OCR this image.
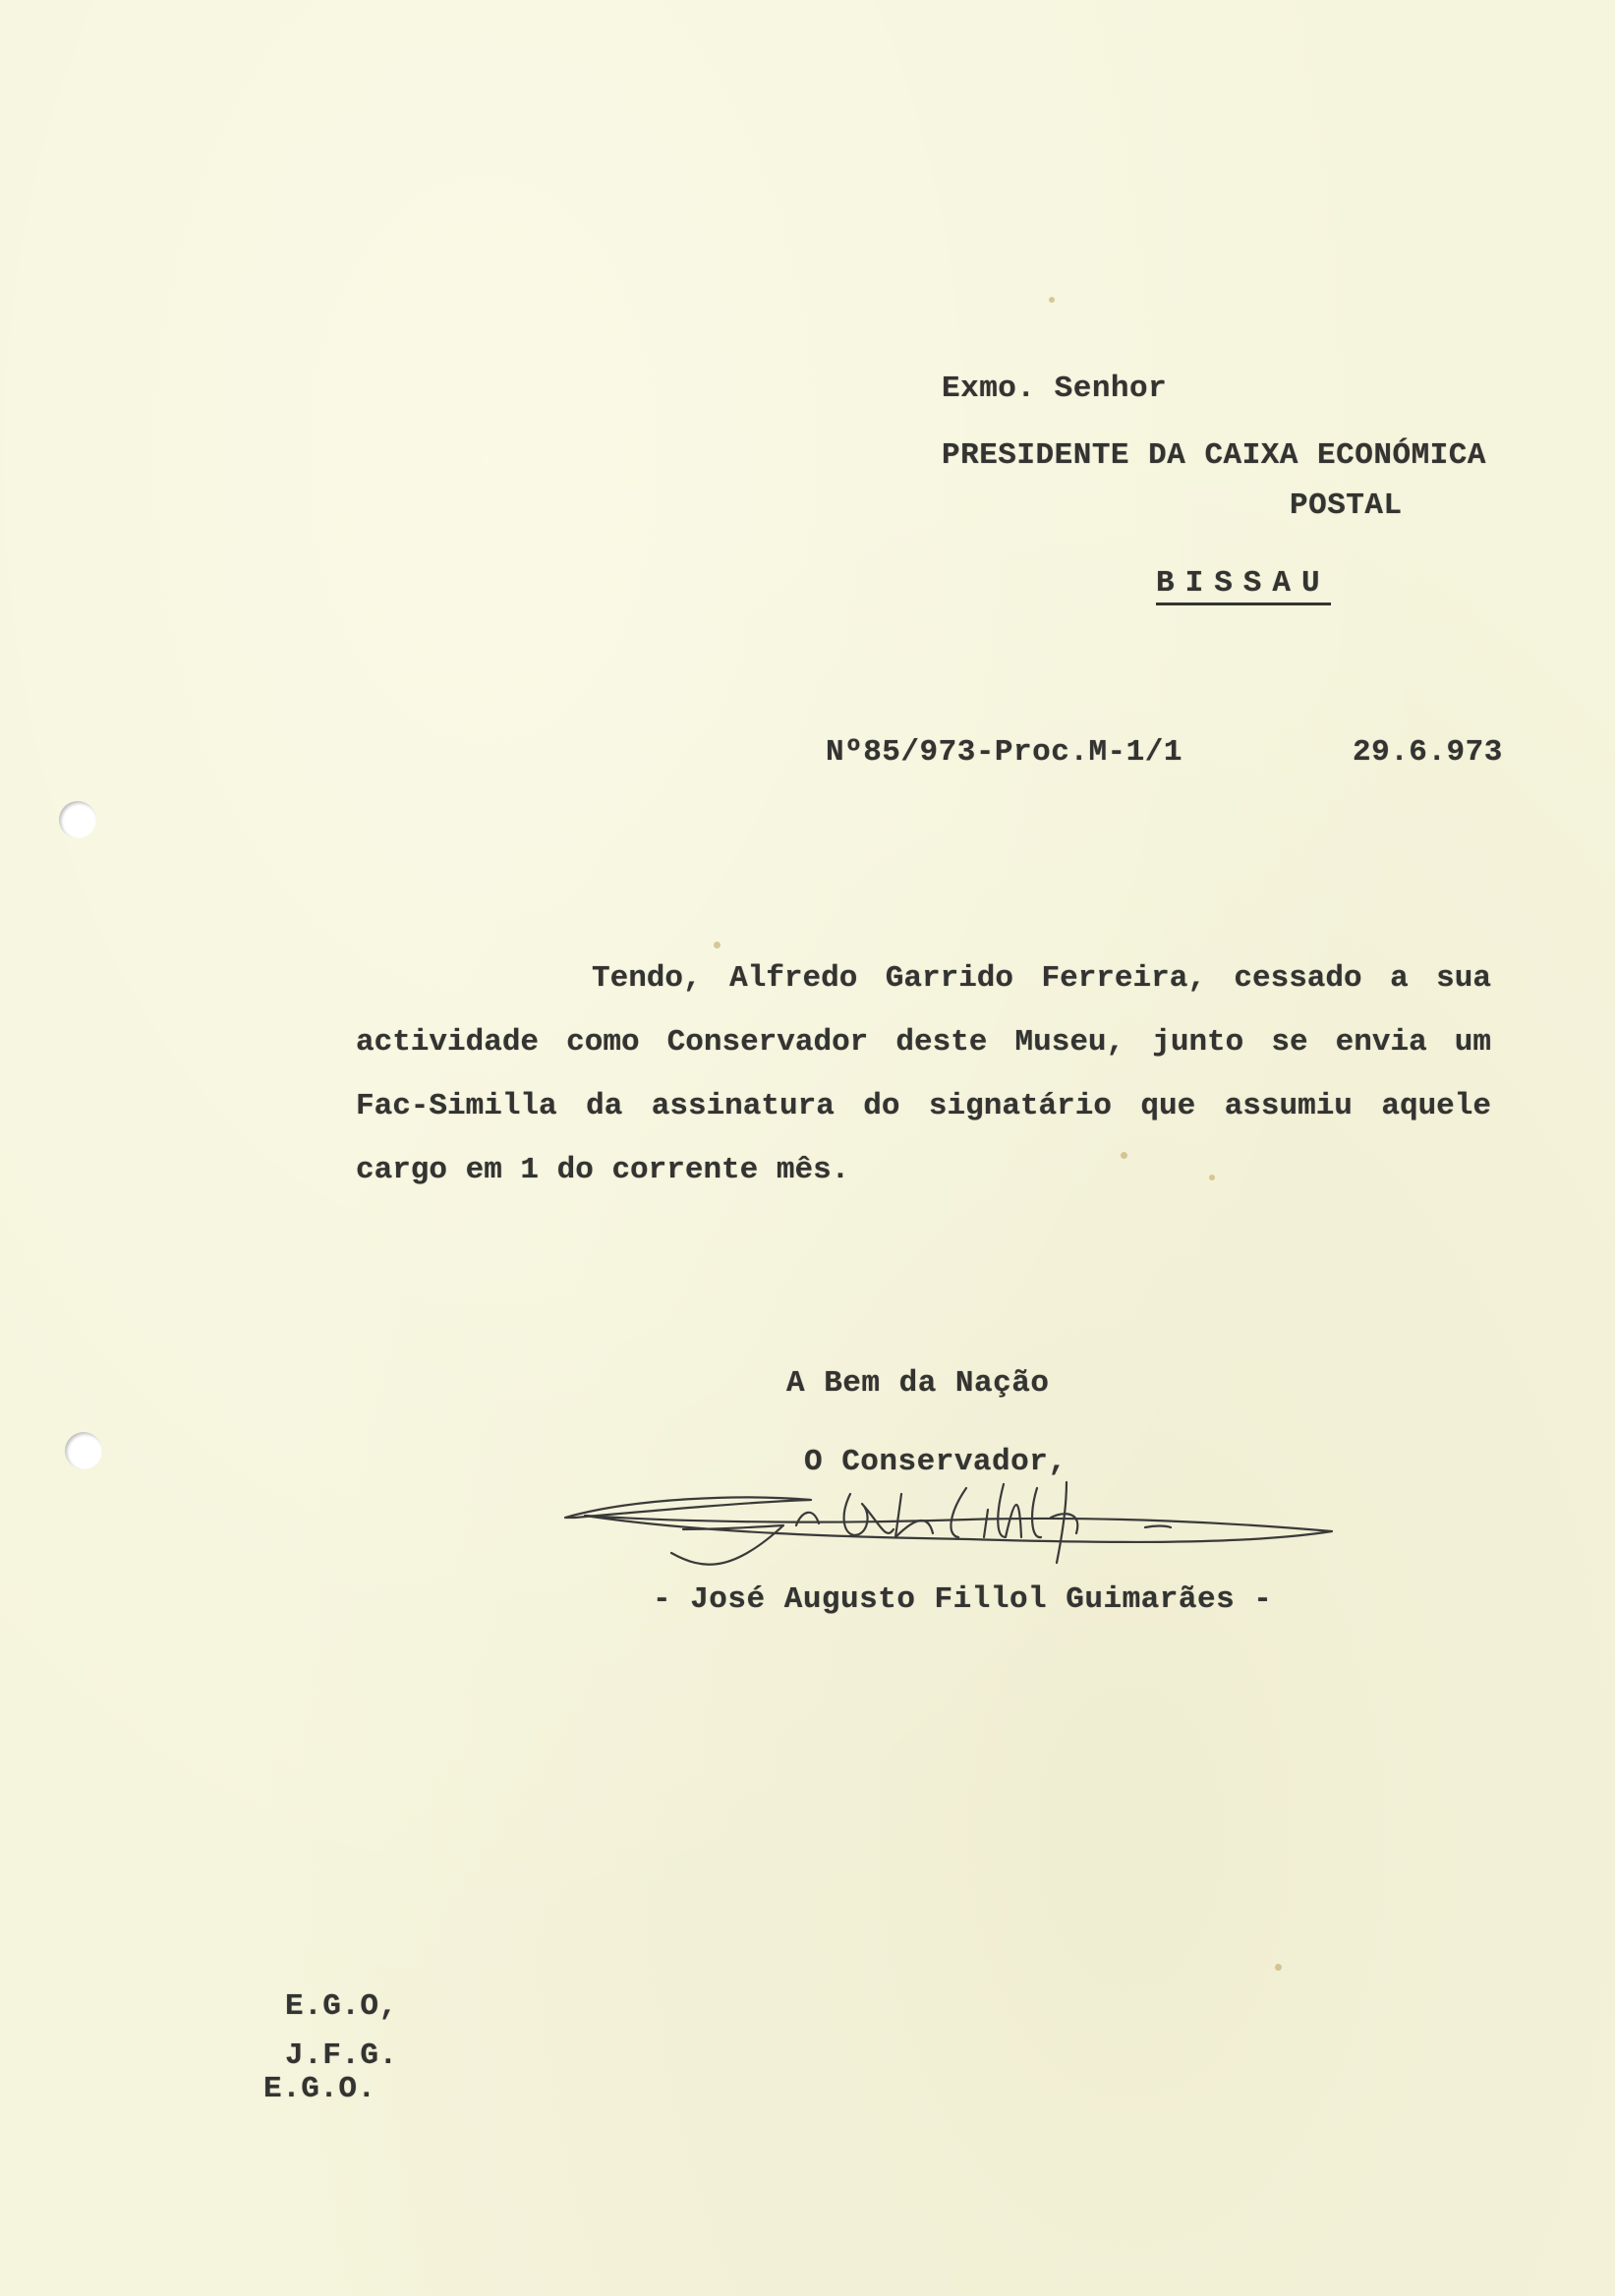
Exmo. Senhor
PRESIDENTE DA CAIXA ECONÓMICA
POSTAL
BISSAU
Nº85/973-Proc.M-1/1	29.6.973
Tendo, Alfredo Garrido Ferreira, cessado a sua
actividade como Conservador deste Museu, junto se envia um
Fac-Similla da assinatura do signatário que assumiu aquele
cargo em 1 do corrente mês.
A Bem da Nação
O Conservador,
- José Augusto Fillol Guimarães -
E.G.O,
J.F.G.
E.G.O.
